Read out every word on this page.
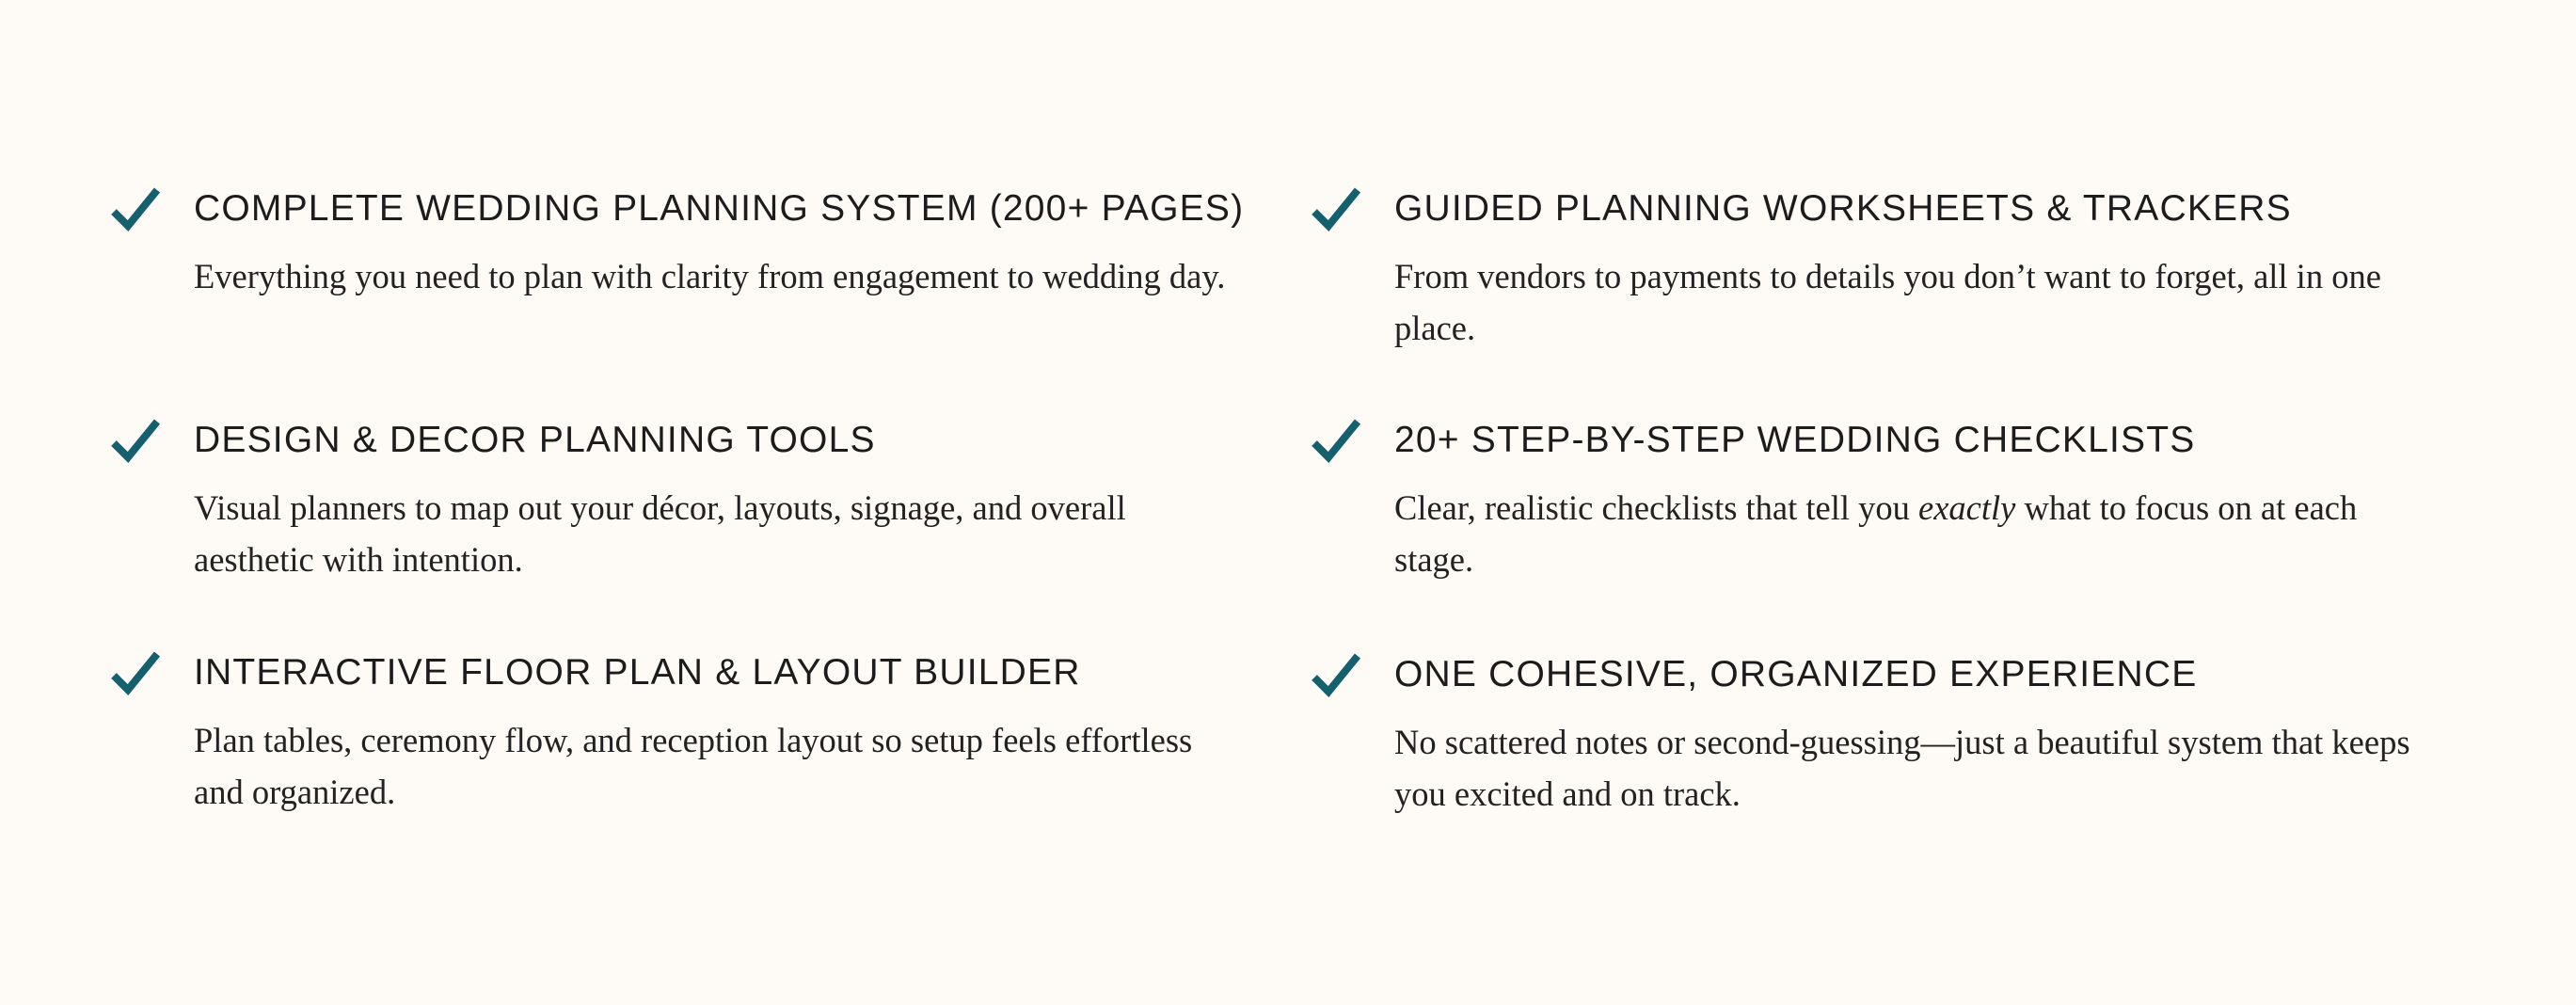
COMPLETE WEDDING PLANNING SYSTEM (200+ PAGES)

Everything you need to plan with clarity from engagement to wedding day.

GUIDED PLANNING WORKSHEETS & TRACKERS

From vendors to payments to details you don’t want to forget, all in one place.

DESIGN & DECOR PLANNING TOOLS

Visual planners to map out your décor, layouts, signage, and overall aesthetic with intention.

20+ STEP-BY-STEP WEDDING CHECKLISTS

Clear, realistic checklists that tell you exactly what to focus on at each stage.

INTERACTIVE FLOOR PLAN & LAYOUT BUILDER

Plan tables, ceremony flow, and reception layout so setup feels effortless and organized.

ONE COHESIVE, ORGANIZED EXPERIENCE

No scattered notes or second-guessing—just a beautiful system that keeps you excited and on track.
